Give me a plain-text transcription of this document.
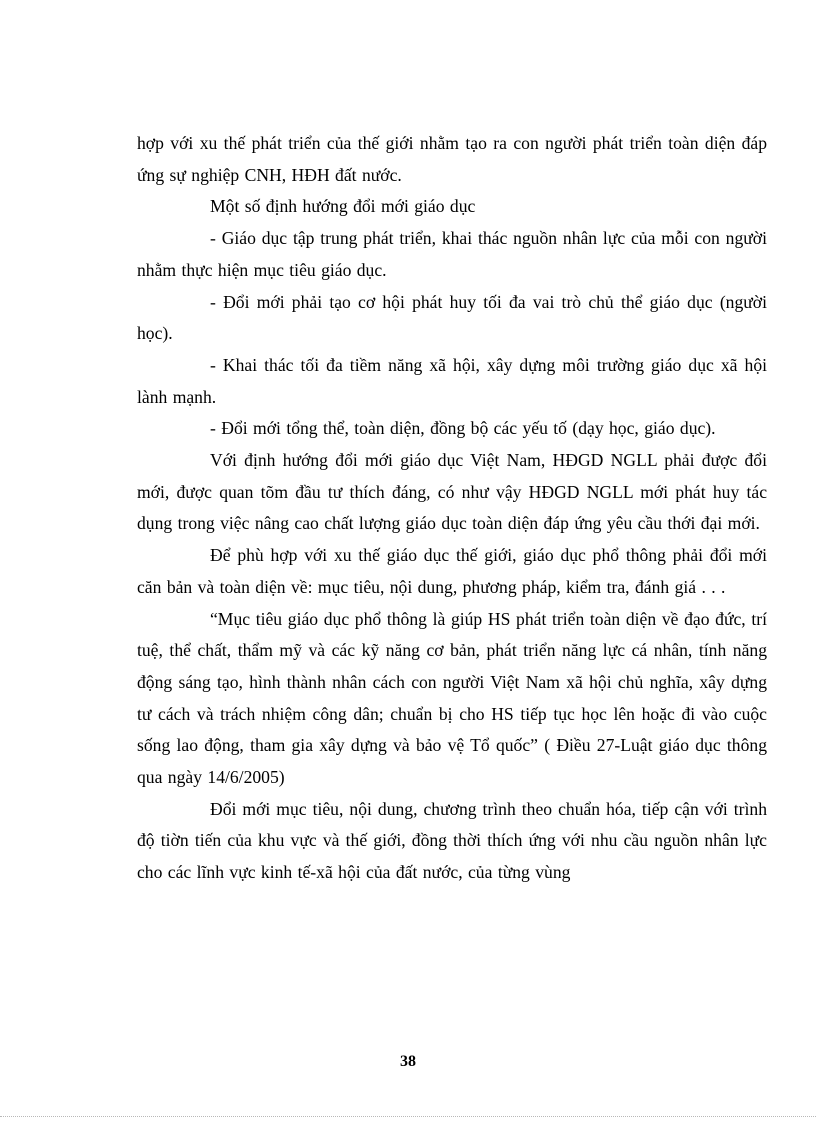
hợp với xu thế phát triển của thế giới nhằm tạo ra con người phát triển toàn diện đáp ứng sự nghiệp CNH, HĐH đất nước.

Một số định hướng đổi mới giáo dục

- Giáo dục tập trung phát triển, khai thác nguồn nhân lực của mỗi con người nhằm thực hiện mục tiêu giáo dục.

- Đổi mới phải tạo cơ hội phát huy tối đa vai trò chủ thể giáo dục (người học).

- Khai thác tối đa tiềm năng xã hội, xây dựng môi trường giáo dục xã hội lành mạnh.

- Đổi mới tổng thể, toàn diện, đồng bộ các yếu tố (dạy học, giáo dục).

Với định hướng đổi mới giáo dục Việt Nam, HĐGD NGLL phải được đổi mới, được quan tõm đầu tư thích đáng, có như vậy HĐGD NGLL mới phát huy tác dụng trong việc nâng cao chất lượng giáo dục toàn diện đáp ứng yêu cầu thới đại mới.

Để phù hợp với xu thế giáo dục thế giới, giáo dục phổ thông phải đổi mới căn bản và toàn diện về: mục tiêu, nội dung, phương pháp, kiểm tra, đánh giá . . .

“Mục tiêu giáo dục phổ thông là giúp HS phát triển toàn diện về đạo đức, trí tuệ, thể chất, thẩm mỹ và các kỹ năng cơ bản, phát triển năng lực cá nhân, tính năng động sáng tạo, hình thành nhân cách con người Việt Nam xã hội chủ nghĩa, xây dựng tư cách và trách nhiệm công dân; chuẩn bị cho HS tiếp tục học lên hoặc đi vào cuộc sống lao động, tham gia xây dựng và bảo vệ Tổ quốc” ( Điều 27-Luật giáo dục thông qua ngày 14/6/2005)

Đổi mới mục tiêu, nội dung, chương trình theo chuẩn hóa, tiếp cận với trình độ tiờn tiến của khu vực và thế giới, đồng thời thích ứng với nhu cầu nguồn nhân lực cho các lĩnh vực kinh tế-xã hội của đất nước, của từng vùng

38
